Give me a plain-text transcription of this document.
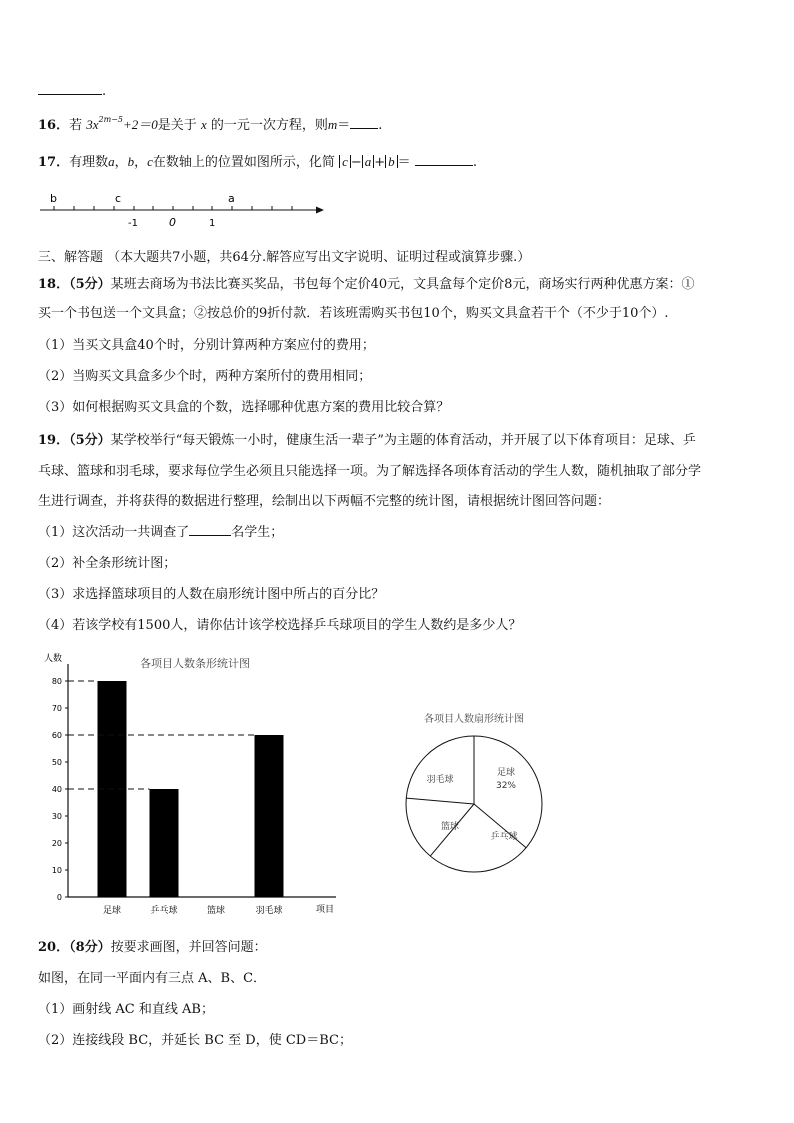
.
16．若 $3x^{2m-5}+2=0$是关于 x 的一元一次方程，则m＝ .
17．有理数a，b，c在数轴上的位置如图所示，化简 c − a + b ＝	.
b	c	a
-1	0	1
三、解答题 （本大题共7小题，共64分.解答应写出文字说明、证明过程或演算步骤.）
18．（5分）某班去商场为书法比赛买奖品，书包每个定价40元，文具盒每个定价8元，商场实行两种优惠方案：①
买一个书包送一个文具盒；②按总价的9折付款．若该班需购买书包10个，购买文具盒若干个（不少于10个）.
（1）当买文具盒40个时，分别计算两种方案应付的费用；
（2）当购买文具盒多少个时，两种方案所付的费用相同；
（3）如何根据购买文具盒的个数，选择哪种优惠方案的费用比较合算？
19．（5分）某学校举行“每天锻炼一小时，健康生活一辈子”为主题的体育活动，并开展了以下体育项目：足球、乒
乓球、篮球和羽毛球，要求每位学生必须且只能选择一项。为了解选择各项体育活动的学生人数，随机抽取了部分学
生进行调查，并将获得的数据进行整理，绘制出以下两幅不完整的统计图，请根据统计图回答问题：
（1）这次活动一共调查了	名学生；
（2）补全条形统计图；
（3）求选择篮球项目的人数在扇形统计图中所占的百分比？
（4）若该学校有1500人，请你估计该学校选择乒乓球项目的学生人数约是多少人？
人数	各项目人数条形统计图
项目
0
10
20
30
40
50
60
70
80
足球	乒乓球	篮球	羽毛球
各项目人数扇形统计图
足球
乒乓球
篮球
羽毛球
32%
20．（8分）按要求画图，并回答问题：
如图，在同一平面内有三点 A、B、C．
（1）画射线 AC 和直线 AB；
（2）连接线段 BC，并延长 BC 至 D，使 CD＝BC；
